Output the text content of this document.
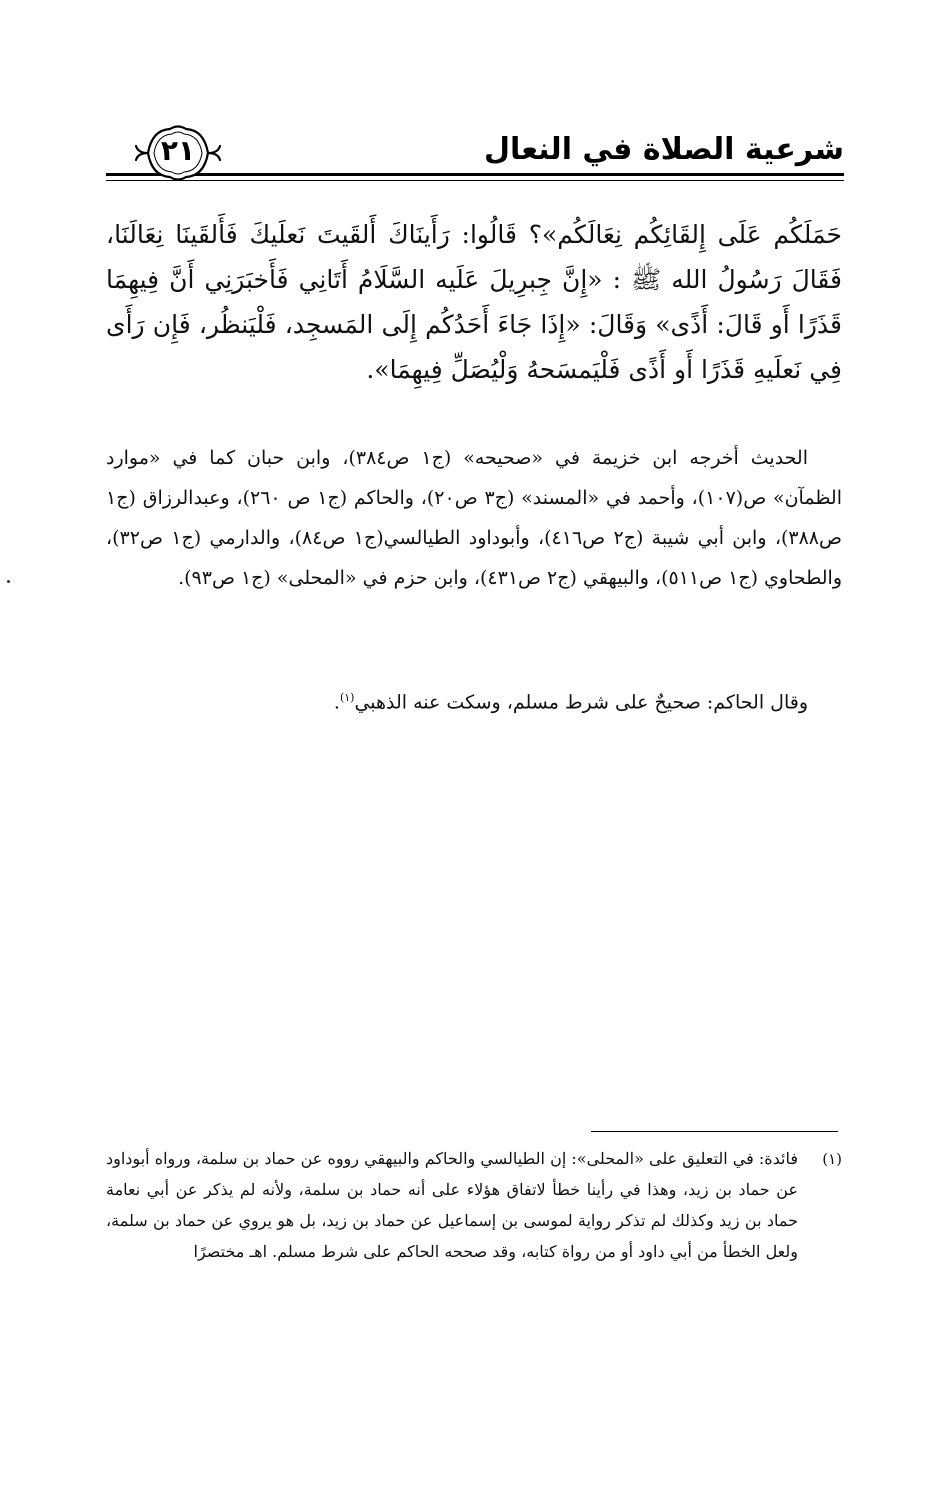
شرعية الصلاة في النعال
٢١

حَمَلَكُم عَلَى إِلقَائِكُم نِعَالَكُم»؟ قَالُوا: رَأَينَاكَ أَلقَيتَ نَعلَيكَ فَأَلقَينَا نِعَالَنَا، فَقَالَ رَسُولُ الله ﷺ : «إِنَّ جِبرِيلَ عَلَيه السَّلَامُ أَتَانِي فَأَخبَرَنِي أَنَّ فِيهِمَا قَذَرًا أَو قَالَ: أَذًى» وَقَالَ: «إِذَا جَاءَ أَحَدُكُم إِلَى المَسجِد، فَلْيَنظُر، فَإِن رَأَى فِي نَعلَيهِ قَذَرًا أَو أَذًى فَلْيَمسَحهُ وَلْيُصَلِّ فِيهِمَا».

الحديث أخرجه ابن خزيمة في «صحيحه» (ج١ ص٣٨٤)، وابن حبان كما في «موارد الظمآن» ص(١٠٧)، وأحمد في «المسند» (ج٣ ص٢٠)، والحاكم (ج١ ص ٢٦٠)، وعبدالرزاق (ج١ ص٣٨٨)، وابن أبي شيبة (ج٢ ص٤١٦)، وأبوداود الطيالسي(ج١ ص٨٤)، والدارمي (ج١ ص٣٢)، والطحاوي (ج١ ص٥١١)، والبيهقي (ج٢ ص٤٣١)، وابن حزم في «المحلى» (ج١ ص٩٣).

وقال الحاكم: صحيحٌ على شرط مسلم، وسكت عنه الذهبي$^{(١)}$.

(١)

فائدة: في التعليق على «المحلى»: إن الطيالسي والحاكم والبيهقي رووه عن حماد بن سلمة، ورواه أبوداود عن حماد بن زيد، وهذا في رأينا خطأ لاتفاق هؤلاء على أنه حماد بن سلمة، ولأنه لم يذكر عن أبي نعامة حماد بن زيد وكذلك لم تذكر رواية لموسى بن إسماعيل عن حماد بن زيد، بل هو يروي عن حماد بن سلمة، ولعل الخطأ من أبي داود أو من رواة كتابه، وقد صححه الحاكم على شرط مسلم. اهـ مختصرًا
